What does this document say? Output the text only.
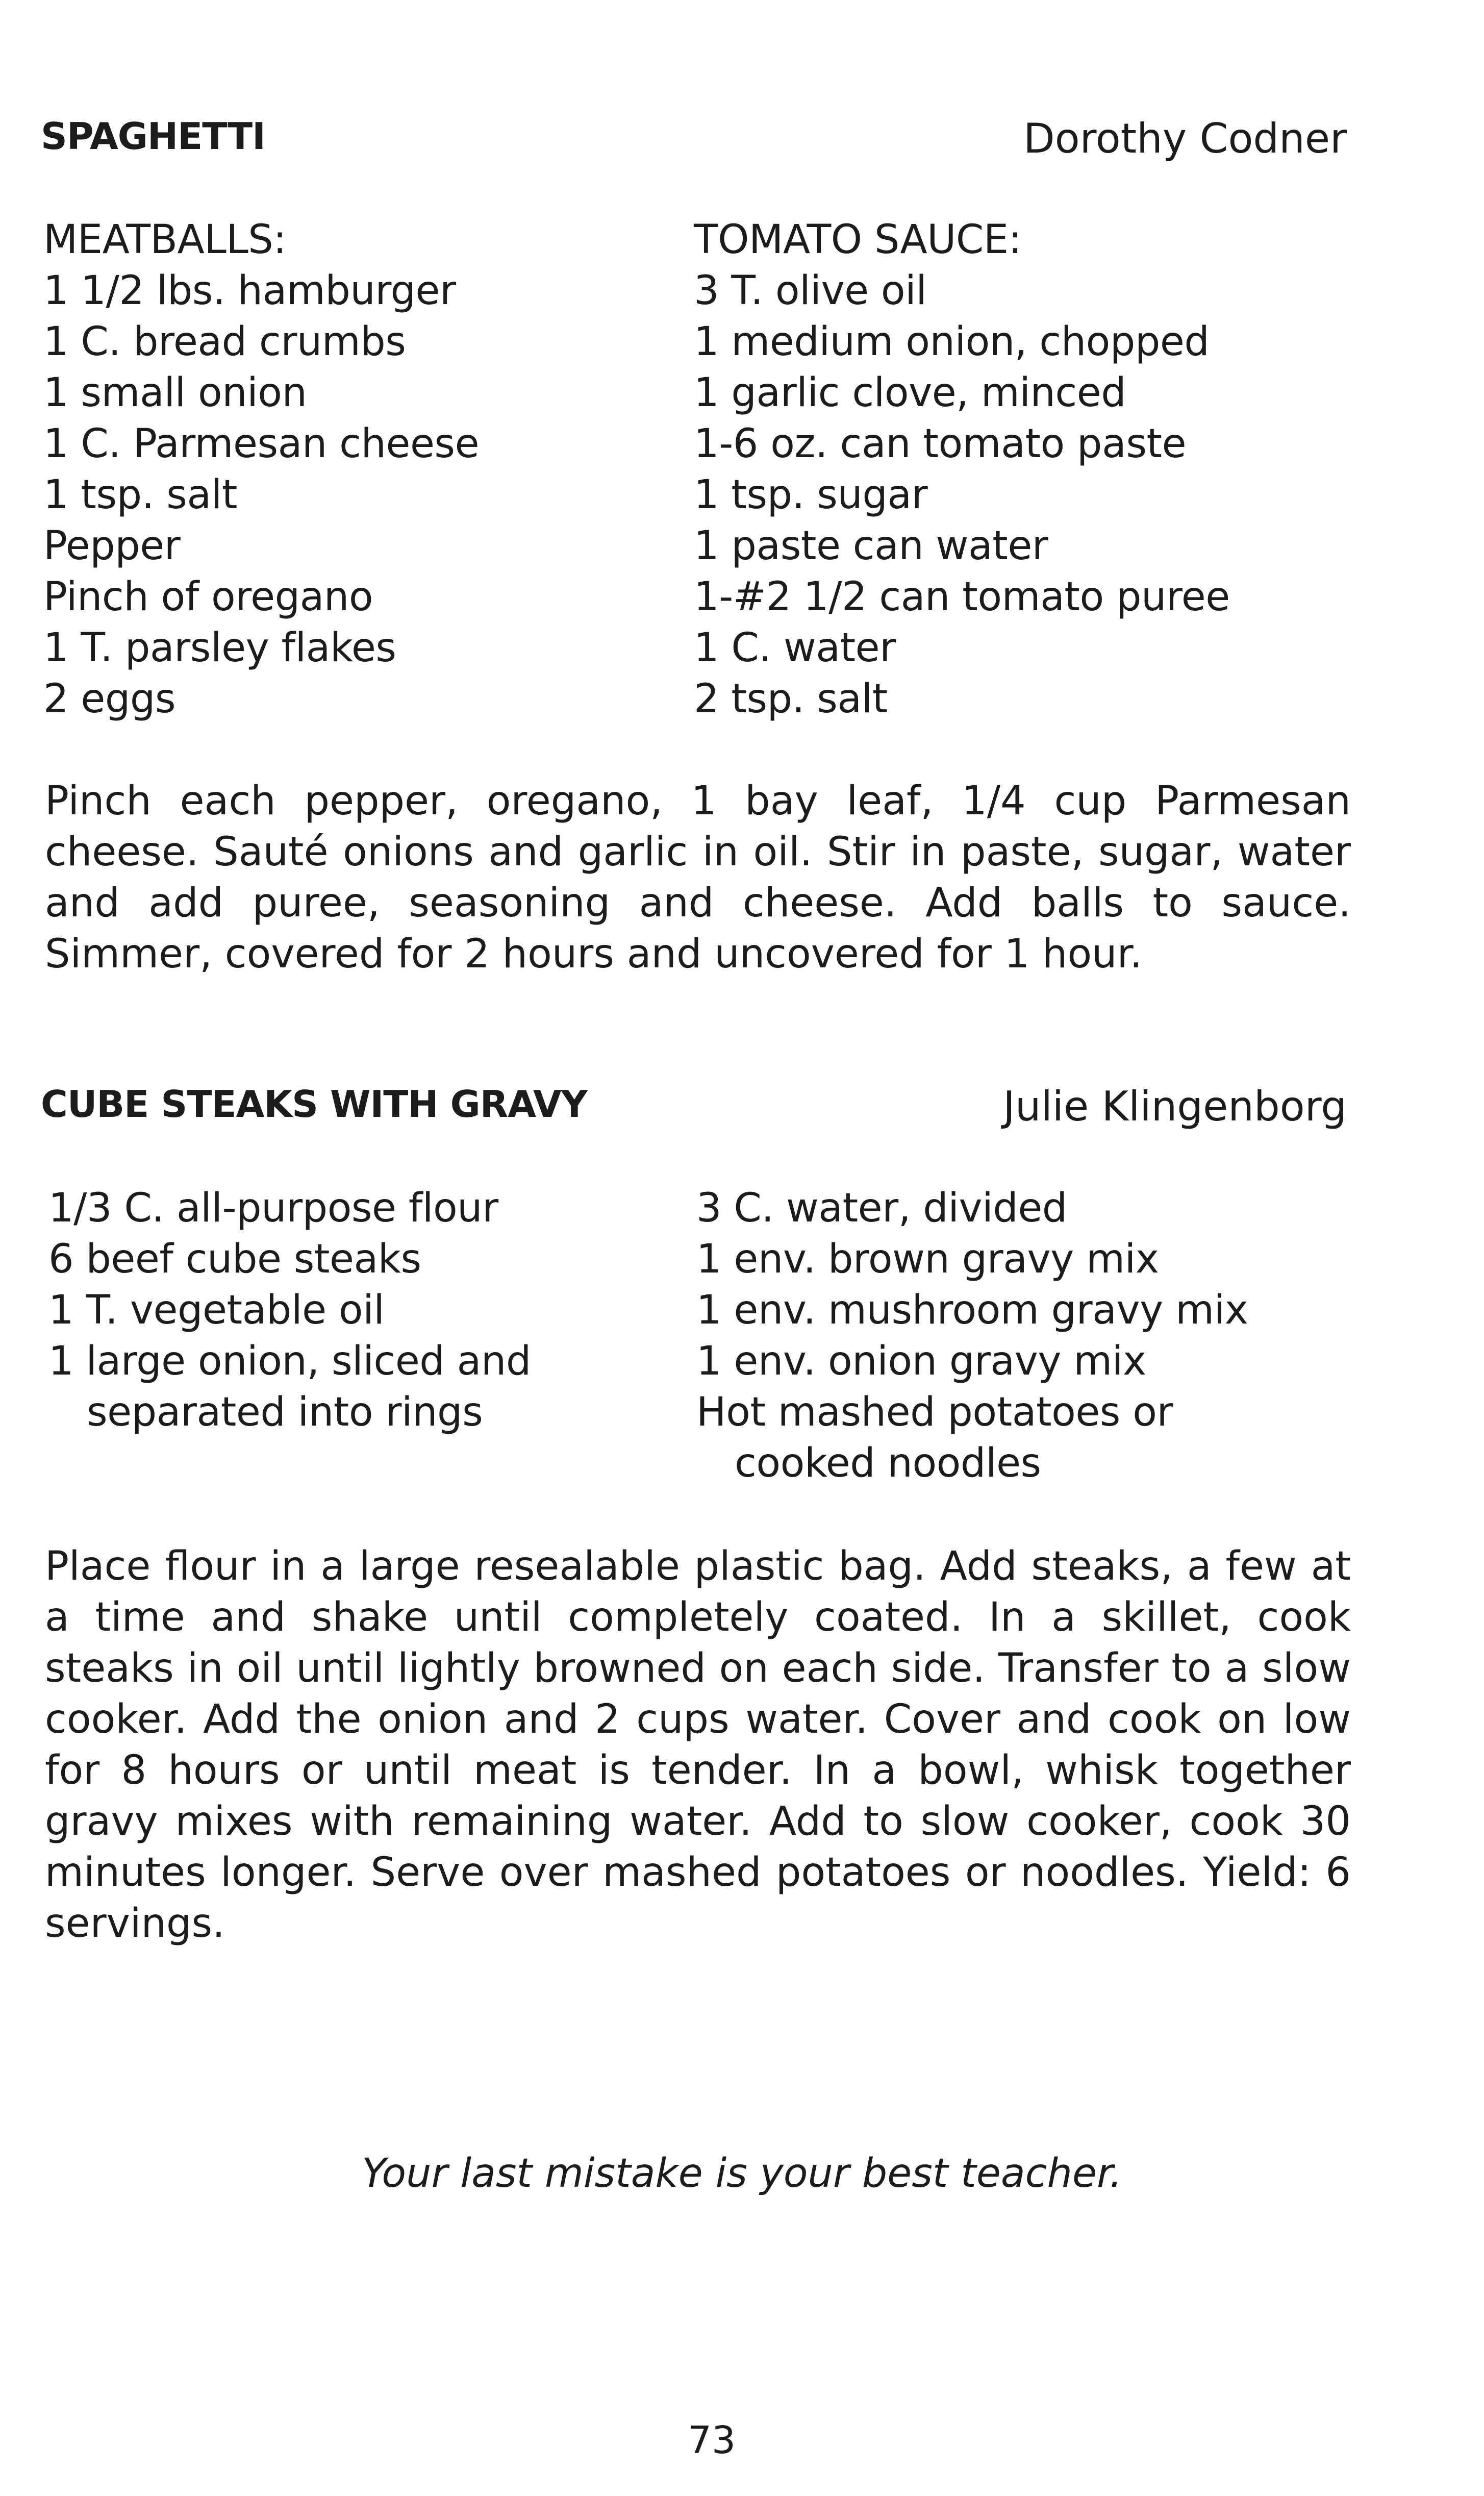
SPAGHETTI	Dorothy Codner
MEATBALLS:
1 1/2 lbs. hamburger
1 C. bread crumbs
1 small onion
1 C. Parmesan cheese
1 tsp. salt
Pepper
Pinch of oregano
1 T. parsley flakes
2 eggs
TOMATO SAUCE:
3 T. olive oil
1 medium onion, chopped
1 garlic clove, minced
1-6 oz. can tomato paste
1 tsp. sugar
1 paste can water
1-#2 1/2 can tomato puree
1 C. water
2 tsp. salt
Pinch each pepper, oregano, 1 bay leaf, 1/4 cup Parmesan cheese. Sauté onions and garlic in oil. Stir in paste, sugar, water and add puree, seasoning and cheese. Add balls to sauce. Simmer, covered for 2 hours and uncovered for 1 hour.
CUBE STEAKS WITH GRAVY	Julie Klingenborg
1/3 C. all-purpose flour
6 beef cube steaks
1 T. vegetable oil
1 large onion, sliced and
separated into rings
3 C. water, divided
1 env. brown gravy mix
1 env. mushroom gravy mix
1 env. onion gravy mix
Hot mashed potatoes or
cooked noodles
Place flour in a large resealable plastic bag. Add steaks, a few at a time and shake until completely coated. In a skillet, cook steaks in oil until lightly browned on each side. Transfer to a slow cooker. Add the onion and 2 cups water. Cover and cook on low for 8 hours or until meat is tender. In a bowl, whisk together gravy mixes with remaining water. Add to slow cooker, cook 30 minutes longer. Serve over mashed potatoes or noodles. Yield: 6 servings.
Your last mistake is your best teacher.
73
